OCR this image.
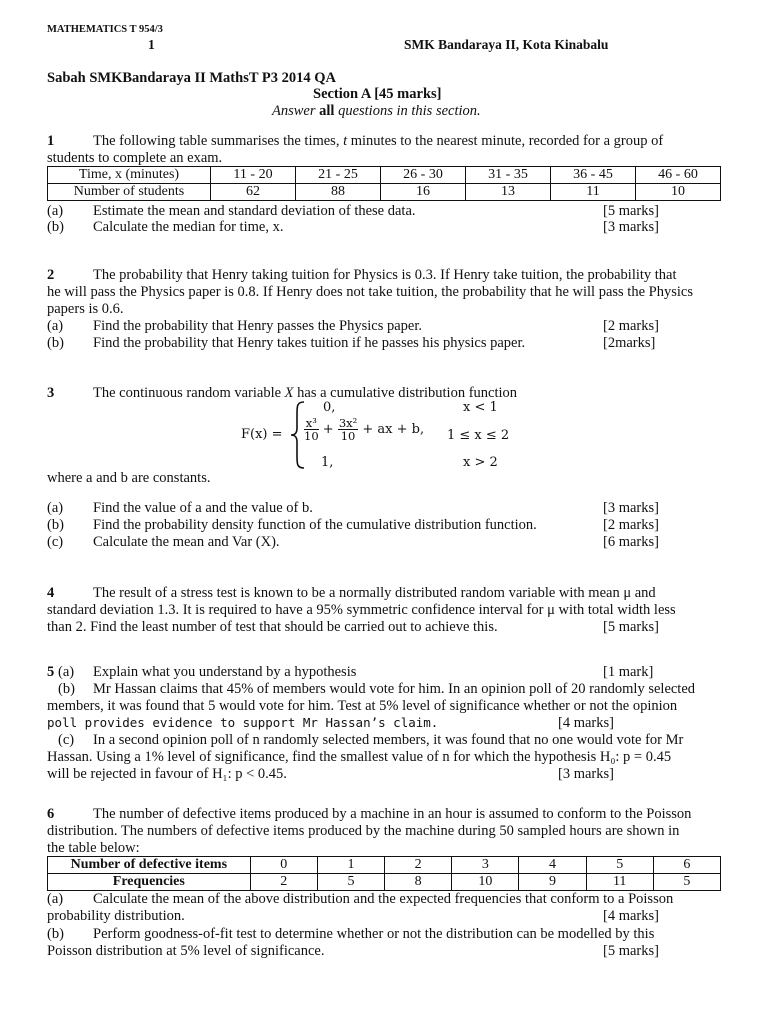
MATHEMATICS T 954/3
1	SMK Bandaraya II, Kota Kinabalu
Sabah SMKBandaraya II MathsT P3 2014 QA
Section A [45 marks]
Answer all questions in this section.
1	The following table summarises the times, t minutes to the nearest minute, recorded for a group of
students to complete an exam.
Time, x (minutes)	11 - 20	21 - 25	26 - 30	31 - 35	36 - 45	46 - 60
Number of students	62	88	16	13	11	10
(a) Estimate the mean and standard deviation of these data.	[5 marks]
(b) Calculate the median for time, x.	[3 marks]
2	The probability that Henry taking tuition for Physics is 0.3. If Henry take tuition, the probability that
he will pass the Physics paper is 0.8. If Henry does not take tuition, the probability that he will pass the Physics
papers is 0.6.
(a) Find the probability that Henry passes the Physics paper.	[2 marks]
(b) Find the probability that Henry takes tuition if he passes his physics paper.	[2marks]
3	The continuous random variable X has a cumulative distribution function
F(x) =
0,	x < 1
$\frac{\text{x³}}{10} + \frac{\text{3x²}}{10}$ + ax + b, 1 ≤ x ≤ 2
1,	x > 2
where a and b are constants.
(a) Find the value of a and the value of b.	[3 marks]
(b) Find the probability density function of the cumulative distribution function.	[2 marks]
(c) Calculate the mean and Var (X).	[6 marks]
4	The result of a stress test is known to be a normally distributed random variable with mean μ and
standard deviation 1.3. It is required to have a 95% symmetric confidence interval for μ with total width less
than 2. Find the least number of test that should be carried out to achieve this.	[5 marks]
5 (a) Explain what you understand by a hypothesis	[1 mark]
(b) Mr Hassan claims that 45% of members would vote for him. In an opinion poll of 20 randomly selected
members, it was found that 5 would vote for him. Test at 5% level of significance whether or not the opinion
poll provides evidence to support Mr Hassan’s claim.	[4 marks]
(c) In a second opinion poll of n randomly selected members, it was found that no one would vote for Mr
Hassan. Using a 1% level of significance, find the smallest value of n for which the hypothesis H₀: p = 0.45
will be rejected in favour of H₁: p < 0.45.	[3 marks]
6	The number of defective items produced by a machine in an hour is assumed to conform to the Poisson
distribution. The numbers of defective items produced by the machine during 50 sampled hours are shown in
the table below:
Number of defective items	0	1	2	3	4	5	6
Frequencies	2	5	8	10	9	11	5
(a) Calculate the mean of the above distribution and the expected frequencies that conform to a Poisson
probability distribution.	[4 marks]
(b) Perform goodness-of-fit test to determine whether or not the distribution can be modelled by this
Poisson distribution at 5% level of significance.	[5 marks]
